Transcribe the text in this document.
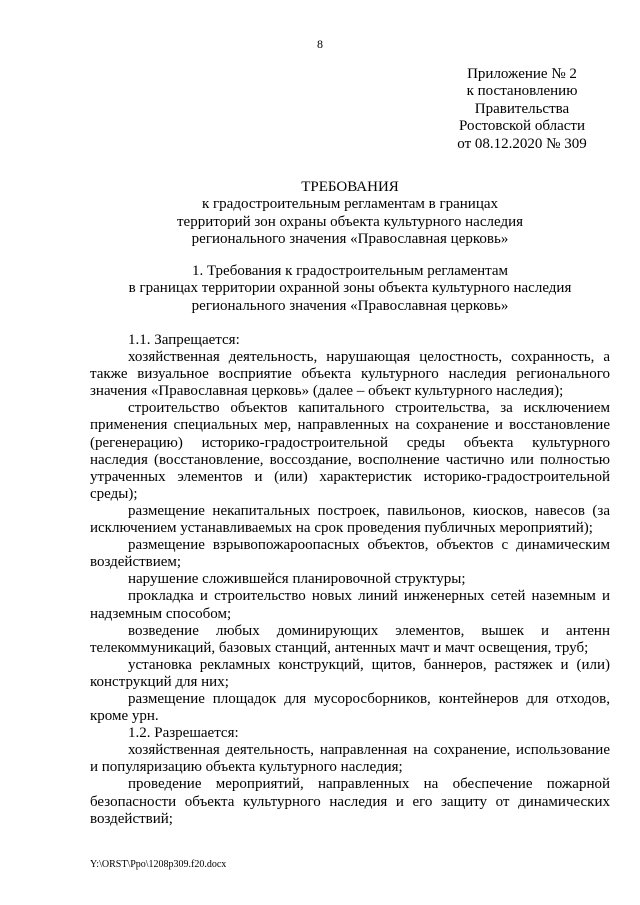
8
Приложение № 2
к постановлению
Правительства
Ростовской области
от 08.12.2020 № 309
ТРЕБОВАНИЯ
к градостроительным регламентам в границах
территорий зон охраны объекта культурного наследия
регионального значения «Православная церковь»
1. Требования к градостроительным регламентам
в границах территории охранной зоны объекта культурного наследия
регионального значения «Православная церковь»

1.1. Запрещается:

хозяйственная деятельность, нарушающая целостность, сохранность, а также визуальное восприятие объекта культурного наследия регионального значения «Православная церковь» (далее – объект культурного наследия);

строительство объектов капитального строительства, за исключением применения специальных мер, направленных на сохранение и восстановление (регенерацию) историко-градостроительной среды объекта культурного наследия (восстановление, воссоздание, восполнение частично или полностью утраченных элементов и (или) характеристик историко-градостроительной среды);

размещение некапитальных построек, павильонов, киосков, навесов (за исключением устанавливаемых на срок проведения публичных мероприятий);

размещение взрывопожароопасных объектов, объектов с динамическим воздействием;

нарушение сложившейся планировочной структуры;

прокладка и строительство новых линий инженерных сетей наземным и надземным способом;

возведение любых доминирующих элементов, вышек и антенн телекоммуникаций, базовых станций, антенных мачт и мачт освещения, труб;

установка рекламных конструкций, щитов, баннеров, растяжек и (или) конструкций для них;

размещение площадок для мусоросборников, контейнеров для отходов, кроме урн.

1.2. Разрешается:

хозяйственная деятельность, направленная на сохранение, использование и популяризацию объекта культурного наследия;

проведение мероприятий, направленных на обеспечение пожарной безопасности объекта культурного наследия и его защиту от динамических воздействий;

Y:\ORST\Ppo\1208p309.f20.docx
